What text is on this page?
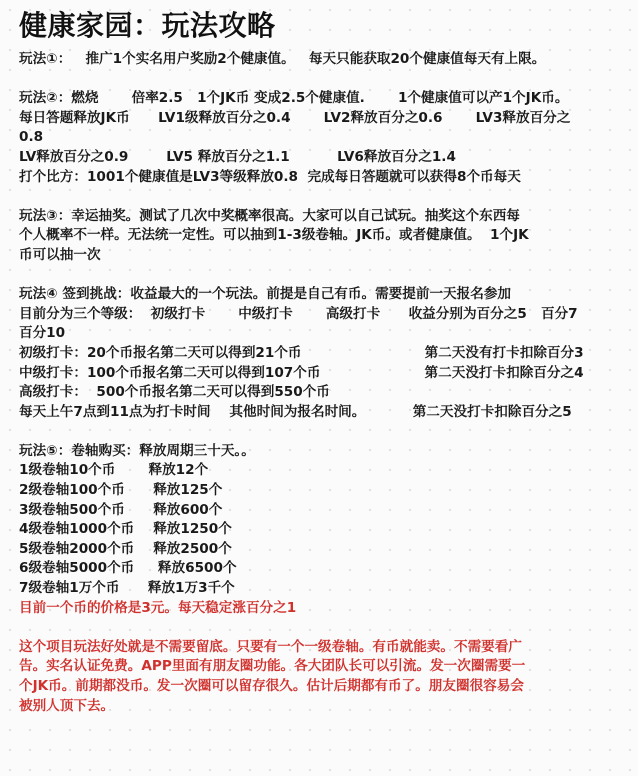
健康家园：玩法攻略
玩法①：   推广1个实名用户奖励2个健康值。   每天只能获取20个健康值每天有上限。
玩法②：燃烧       倍率2.5   1个JK币 变成2.5个健康值.       1个健康值可以产1个JK币。
每日答题释放JK币      LV1级释放百分之0.4       LV2释放百分之0.6       LV3释放百分之
0.8
LV释放百分之0.9        LV5 释放百分之1.1          LV6释放百分之1.4
打个比方：1001个健康值是LV3等级释放0.8  完成每日答题就可以获得8个币每天
玩法③：幸运抽奖。测试了几次中奖概率很高。大家可以自己试玩。抽奖这个东西每
个人概率不一样。无法统一定性。可以抽到1-3级卷轴。JK币。或者健康值。  1个JK
币可以抽一次
玩法④ 签到挑战：收益最大的一个玩法。前提是自己有币。需要提前一天报名参加
目前分为三个等级：  初级打卡       中级打卡       高级打卡      收益分别为百分之5   百分7
百分10
初级打卡：20个币报名第二天可以得到21个币                          第二天没有打卡扣除百分3
中级打卡：100个币报名第二天可以得到107个币                      第二天没打卡扣除百分之4
高级打卡：  500个币报名第二天可以得到550个币
每天上午7点到11点为打卡时间    其他时间为报名时间。          第二天没打卡扣除百分之5
玩法⑤：卷轴购买：释放周期三十天。。
1级卷轴10个币       释放12个
2级卷轴100个币      释放125个
3级卷轴500个币      释放600个
4级卷轴1000个币    释放1250个
5级卷轴2000个币    释放2500个
6级卷轴5000个币     释放6500个
7级卷轴1万个币      释放1万3千个
目前一个币的价格是3元。每天稳定涨百分之1
这个项目玩法好处就是不需要留底。只要有一个一级卷轴。有币就能卖。不需要看广
告。实名认证免费。APP里面有朋友圈功能。各大团队长可以引流。发一次圈需要一
个JK币。前期都没币。发一次圈可以留存很久。估计后期都有币了。朋友圈很容易会
被别人顶下去。
